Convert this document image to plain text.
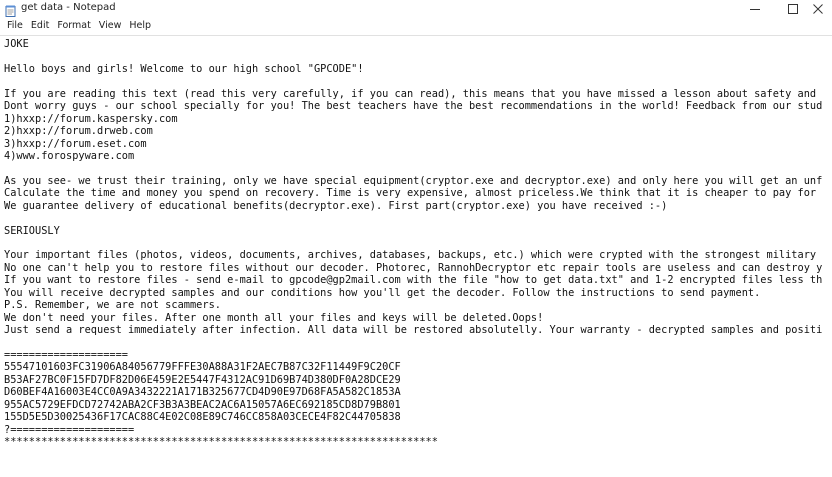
get data - Notepad
File Edit Format View Help
JOKE
Hello boys and girls! Welcome to our high school "GPCODE"!
If you are reading this text (read this very carefully, if you can read), this means that you have missed a lesson about safety and
Dont worry guys - our school specially for you! The best teachers have the best recommendations in the world! Feedback from our stud
1)hxxp://forum.kaspersky.com
2)hxxp://forum.drweb.com
3)hxxp://forum.eset.com
4)www.forospyware.com
As you see- we trust their training, only we have special equipment(cryptor.exe and decryptor.exe) and only here you will get an unf
Calculate the time and money you spend on recovery. Time is very expensive, almost priceless.We think that it is cheaper to pay for
We guarantee delivery of educational benefits(decryptor.exe). First part(cryptor.exe) you have received :-)
SERIOUSLY
Your important files (photos, videos, documents, archives, databases, backups, etc.) which were crypted with the strongest military
No one can't help you to restore files without our decoder. Photorec, RannohDecryptor etc repair tools are useless and can destroy y
If you want to restore files - send e-mail to gpcode@gp2mail.com with the file "how to get data.txt" and 1-2 encrypted files less th
You will receive decrypted samples and our conditions how you'll get the decoder. Follow the instructions to send payment.
P.S. Remember, we are not scammers.
We don't need your files. After one month all your files and keys will be deleted.Oops!
Just send a request immediately after infection. All data will be restored absolutelly. Your warranty - decrypted samples and positi
====================
55547101603FC31906A84056779FFFE30A88A31F2AEC7B87C32F11449F9C20CF
B53AF27BC0F15FD7DF82D06E459E2E5447F4312AC91D69B74D380DF0A28DCE29
D60BEF4A16003E4CC0A9A3432221A171B325677CD4D90E97D68FA5A582C1853A
955AC5729EFDCD72742ABA2CF3B3A3BEAC2AC6A15057A6EC692185CD8D79B801
155D5E5D30025436F17CAC88C4E02C08E89C746CC858A03CECE4F82C44705838
?====================
**********************************************************************
